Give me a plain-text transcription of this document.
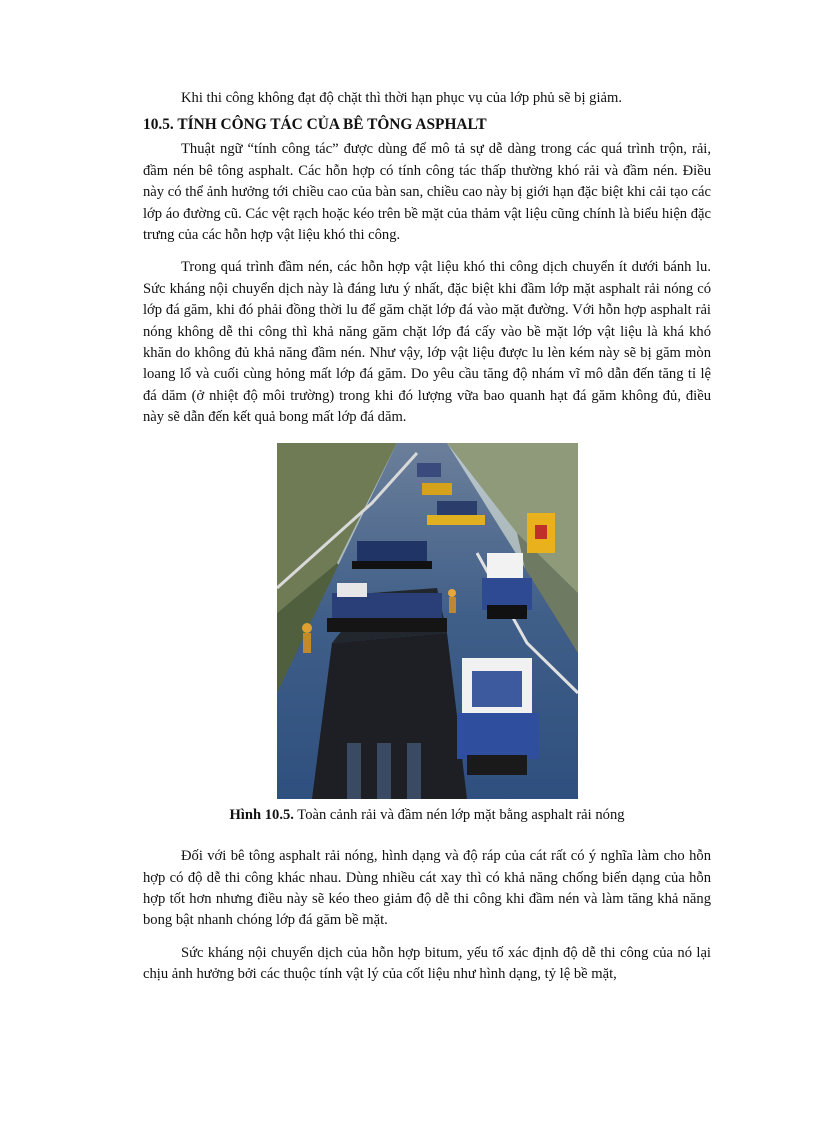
Khi thi công không đạt độ chặt thì thời hạn phục vụ của lớp phủ sẽ bị giảm.

10.5. TÍNH CÔNG TÁC CỦA BÊ TÔNG ASPHALT

Thuật ngữ “tính công tác” được dùng để mô tả sự dễ dàng trong các quá trình trộn, rải, đầm nén bê tông asphalt. Các hỗn hợp có tính công tác thấp thường khó rải và đầm nén. Điều này có thể ảnh hưởng tới chiều cao của bàn san, chiều cao này bị giới hạn đặc biệt khi cải tạo các lớp áo đường cũ. Các vệt rạch hoặc kéo trên bề mặt của thảm vật liệu cũng chính là biểu hiện đặc trưng của các hỗn hợp vật liệu khó thi công.

Trong quá trình đầm nén, các hỗn hợp vật liệu khó thi công dịch chuyển ít dưới bánh lu. Sức kháng nội chuyển dịch này là đáng lưu ý nhất, đặc biệt khi đầm lớp mặt asphalt rải nóng có lớp đá găm, khi đó phải đồng thời lu để găm chặt lớp đá vào mặt đường. Với hỗn hợp asphalt rải nóng không dễ thi công thì khả năng găm chặt lớp đá cấy vào bề mặt lớp vật liệu là khá khó khăn do không đủ khả năng đầm nén. Như vậy, lớp vật liệu được lu lèn kém này sẽ bị găm mòn loang lổ và cuối cùng hỏng mất lớp đá găm. Do yêu cầu tăng độ nhám vĩ mô dẫn đến tăng tỉ lệ đá dăm (ở nhiệt độ môi trường) trong khi đó lượng vữa bao quanh hạt đá găm không đủ, điều này sẽ dẫn đến kết quả bong mất lớp đá dăm.

Hình 10.5. Toàn cảnh rải và đầm nén lớp mặt bằng asphalt rải nóng

Đối với bê tông asphalt rải nóng, hình dạng và độ ráp của cát rất có ý nghĩa làm cho hỗn hợp có độ dễ thi công khác nhau. Dùng nhiều cát xay thì có khả năng chống biến dạng của hỗn hợp tốt hơn nhưng điều này sẽ kéo theo giảm độ dễ thi công khi đầm nén và làm tăng khả năng bong bật nhanh chóng lớp đá găm bề mặt.

Sức kháng nội chuyển dịch của hỗn hợp bitum, yếu tố xác định độ dễ thi công của nó lại chịu ảnh hưởng bởi các thuộc tính vật lý của cốt liệu như hình dạng, tỷ lệ bề mặt,
